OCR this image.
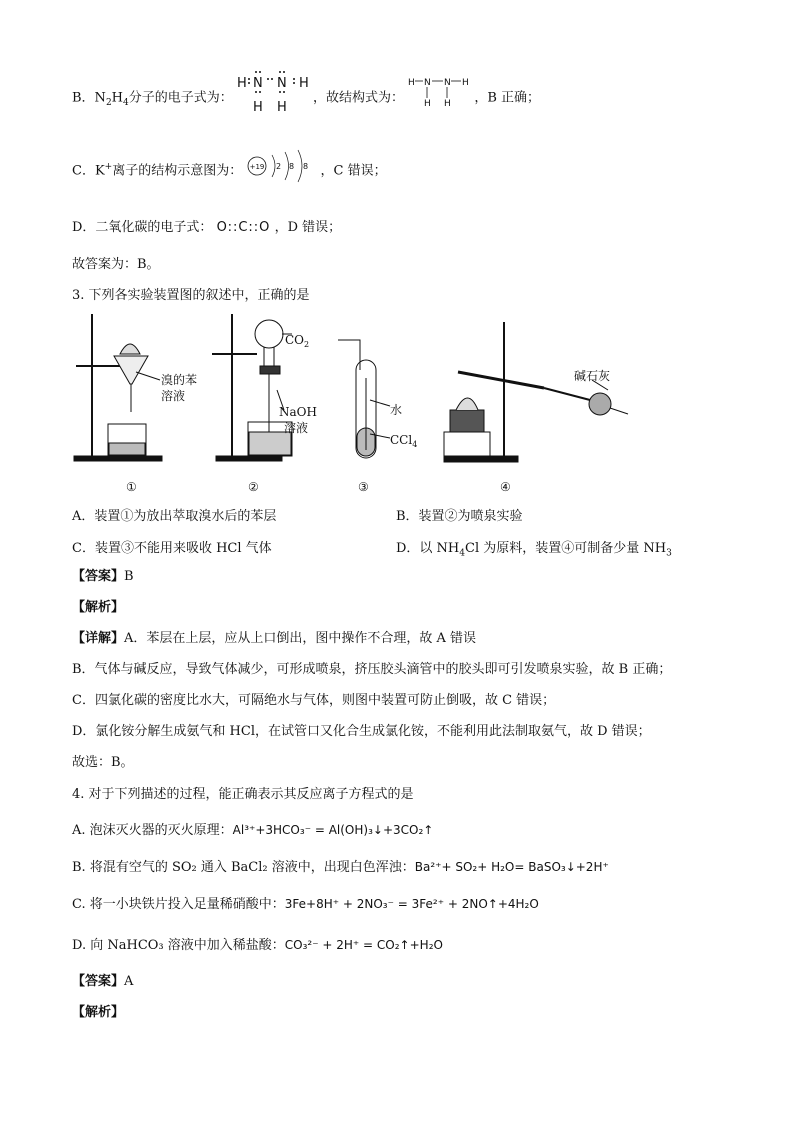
B．$N_2H_4$分子的电子式为：
H N N H
H H
，故结构式为：
H N N H
H H ，B 正确；
C．K+离子的结构示意图为： +19 2 8 8 ，C 错误；
D．二氧化碳的电子式： O::C::O ，D 错误；
故答案为：B。
3. 下列各实验装置图的叙述中，正确的是
溴的苯
溶液
$CO_2$
NaOH
溶液
水
CCl$_4$
碱石灰
①	②	③	④
A．装置①为放出萃取溴水后的苯层	B．装置②为喷泉实验
C．装置③不能用来吸收 HCl 气体	D．以 $NH_4Cl$ 为原料，装置④可制备少量 $NH_3$
【答案】B
【解析】
【详解】A．苯层在上层，应从上口倒出，图中操作不合理，故 A 错误
B．气体与碱反应，导致气体减少，可形成喷泉，挤压胶头滴管中的胶头即可引发喷泉实验，故 B 正确；
C．四氯化碳的密度比水大，可隔绝水与气体，则图中装置可防止倒吸，故 C 错误；
D．氯化铵分解生成氨气和 HCl，在试管口又化合生成氯化铵，不能利用此法制取氨气，故 D 错误；
故选：B。
4. 对于下列描述的过程，能正确表示其反应离子方程式的是
A. 泡沫灭火器的灭火原理：Al³⁺+3HCO₃⁻ = Al(OH)₃↓+3CO₂↑
B. 将混有空气的 SO₂ 通入 BaCl₂ 溶液中，出现白色浑浊：Ba²⁺+ SO₂+ H₂O= BaSO₃↓+2H⁺
C. 将一小块铁片投入足量稀硝酸中：3Fe+8H⁺ + 2NO₃⁻ = 3Fe²⁺ + 2NO↑+4H₂O
D. 向 NaHCO₃ 溶液中加入稀盐酸：CO₃²⁻ + 2H⁺ = CO₂↑+H₂O
【答案】A
【解析】
